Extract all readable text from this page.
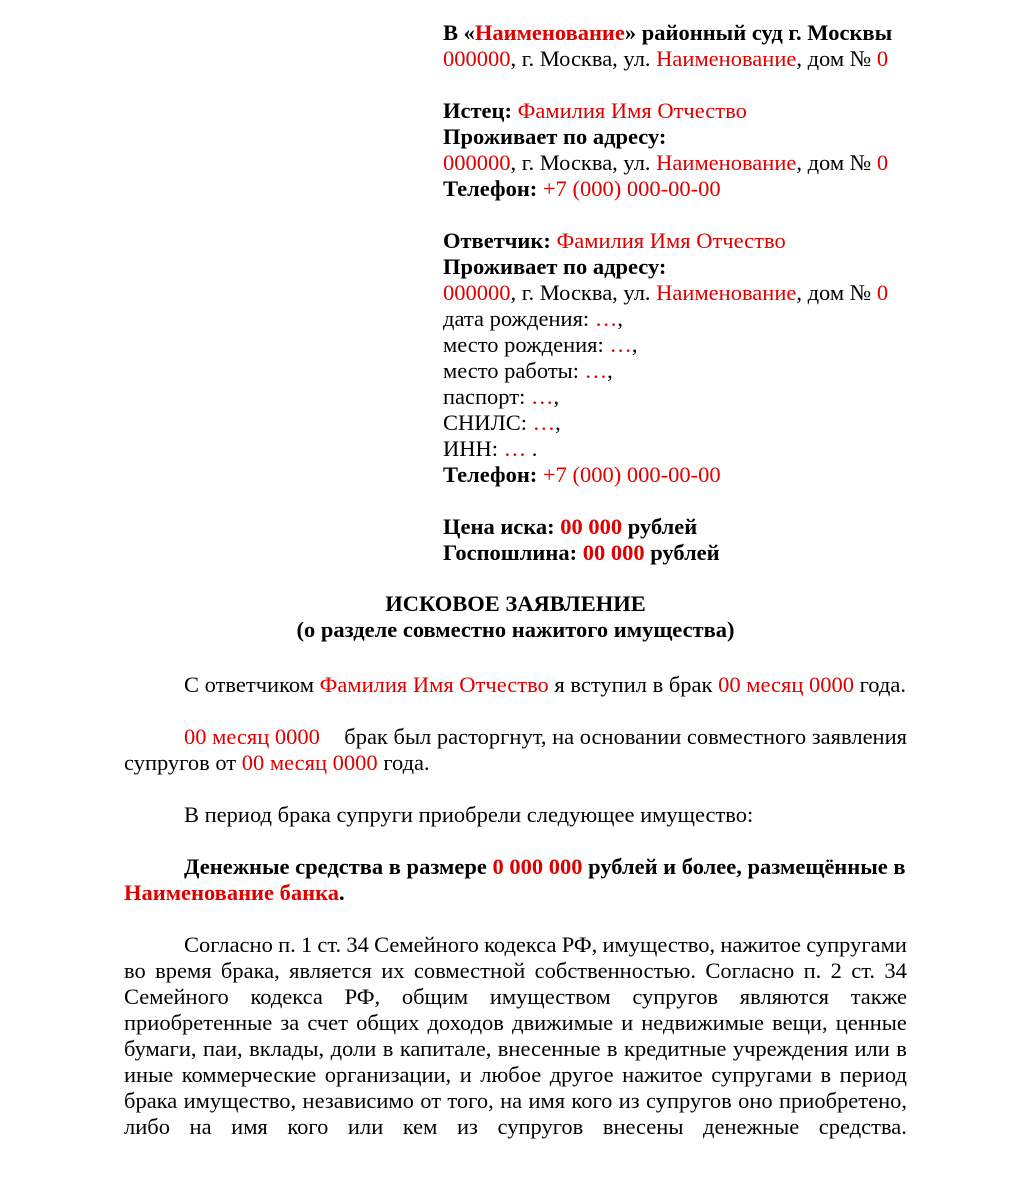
В «Наименование» районный суд г. Москвы
000000, г. Москва, ул. Наименование, дом № 0
Истец: Фамилия Имя Отчество
Проживает по адресу:
000000, г. Москва, ул. Наименование, дом № 0
Телефон: +7 (000) 000-00-00
Ответчик: Фамилия Имя Отчество
Проживает по адресу:
000000, г. Москва, ул. Наименование, дом № 0
дата рождения: …,
место рождения: …,
место работы: …,
паспорт: …,
СНИЛС: …,
ИНН: … .
Телефон: +7 (000) 000-00-00
Цена иска: 00 000 рублей
Госпошлина: 00 000 рублей
ИСКОВОЕ ЗАЯВЛЕНИЕ
(о разделе совместно нажитого имущества)
С ответчиком Фамилия Имя Отчество я вступил в брак 00 месяц 0000 года.
00 месяц 0000 брак был расторгнут, на основании совместного заявления
супругов от 00 месяц 0000 года.
В период брака супруги приобрели следующее имущество:
Денежные средства в размере 0 000 000 рублей и более, размещённые в
Наименование банка.
Согласно п. 1 ст. 34 Семейного кодекса РФ, имущество, нажитое супругами
во время брака, является их совместной собственностью. Согласно п. 2 ст. 34
Семейного кодекса РФ, общим имуществом супругов являются также
приобретенные за счет общих доходов движимые и недвижимые вещи, ценные
бумаги, паи, вклады, доли в капитале, внесенные в кредитные учреждения или в
иные коммерческие организации, и любое другое нажитое супругами в период
брака имущество, независимо от того, на имя кого из супругов оно приобретено,
либо на имя кого или кем из супругов внесены денежные средства.
